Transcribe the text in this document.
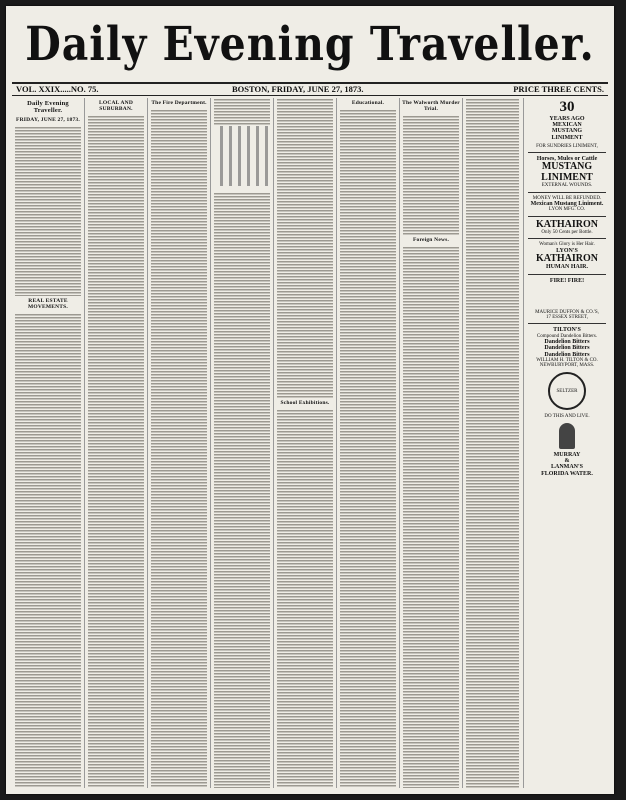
Daily Evening Traveller.
VOL. XXIX.....NO. 75.	BOSTON, FRIDAY, JUNE 27, 1873.	PRICE THREE CENTS.
Daily Evening Traveller.
FRIDAY, JUNE 27, 1873.
REAL ESTATE MOVEMENTS.
LOCAL AND SUBURBAN.
The Fire Department.
School Exhibitions.
Educational.	The Walworth Murder Trial.
Foreign News.
30
YEARS AGO
MEXICAN
MUSTANG
LINIMENT
FOR SUNDRIES LINIMENT,
Horses, Mules or Cattle
MUSTANG
LINIMENT
EXTERNAL WOUNDS.
MONEY WILL BE REFUNDED.
Mexican Mustang Liniment.
LYON MFG. CO.
KATHAIRON
Only 50 Cents per Bottle.
Woman's Glory is Her Hair.
LYON'S
KATHAIRON
HUMAN HAIR.
FIRE! FIRE!
MAURICE DUFFON & CO.'S,
17 ESSEX STREET,
TILTON'S
Compound Dandelion Bitters.
Dandelion Bitters
Dandelion Bitters
Dandelion Bitters
WILLIAM H. TILTON & CO.
NEWBURYPORT, MASS.
SELTZER
DO THIS AND LIVE.
MURRAY
&
LANMAN'S
FLORIDA WATER.
